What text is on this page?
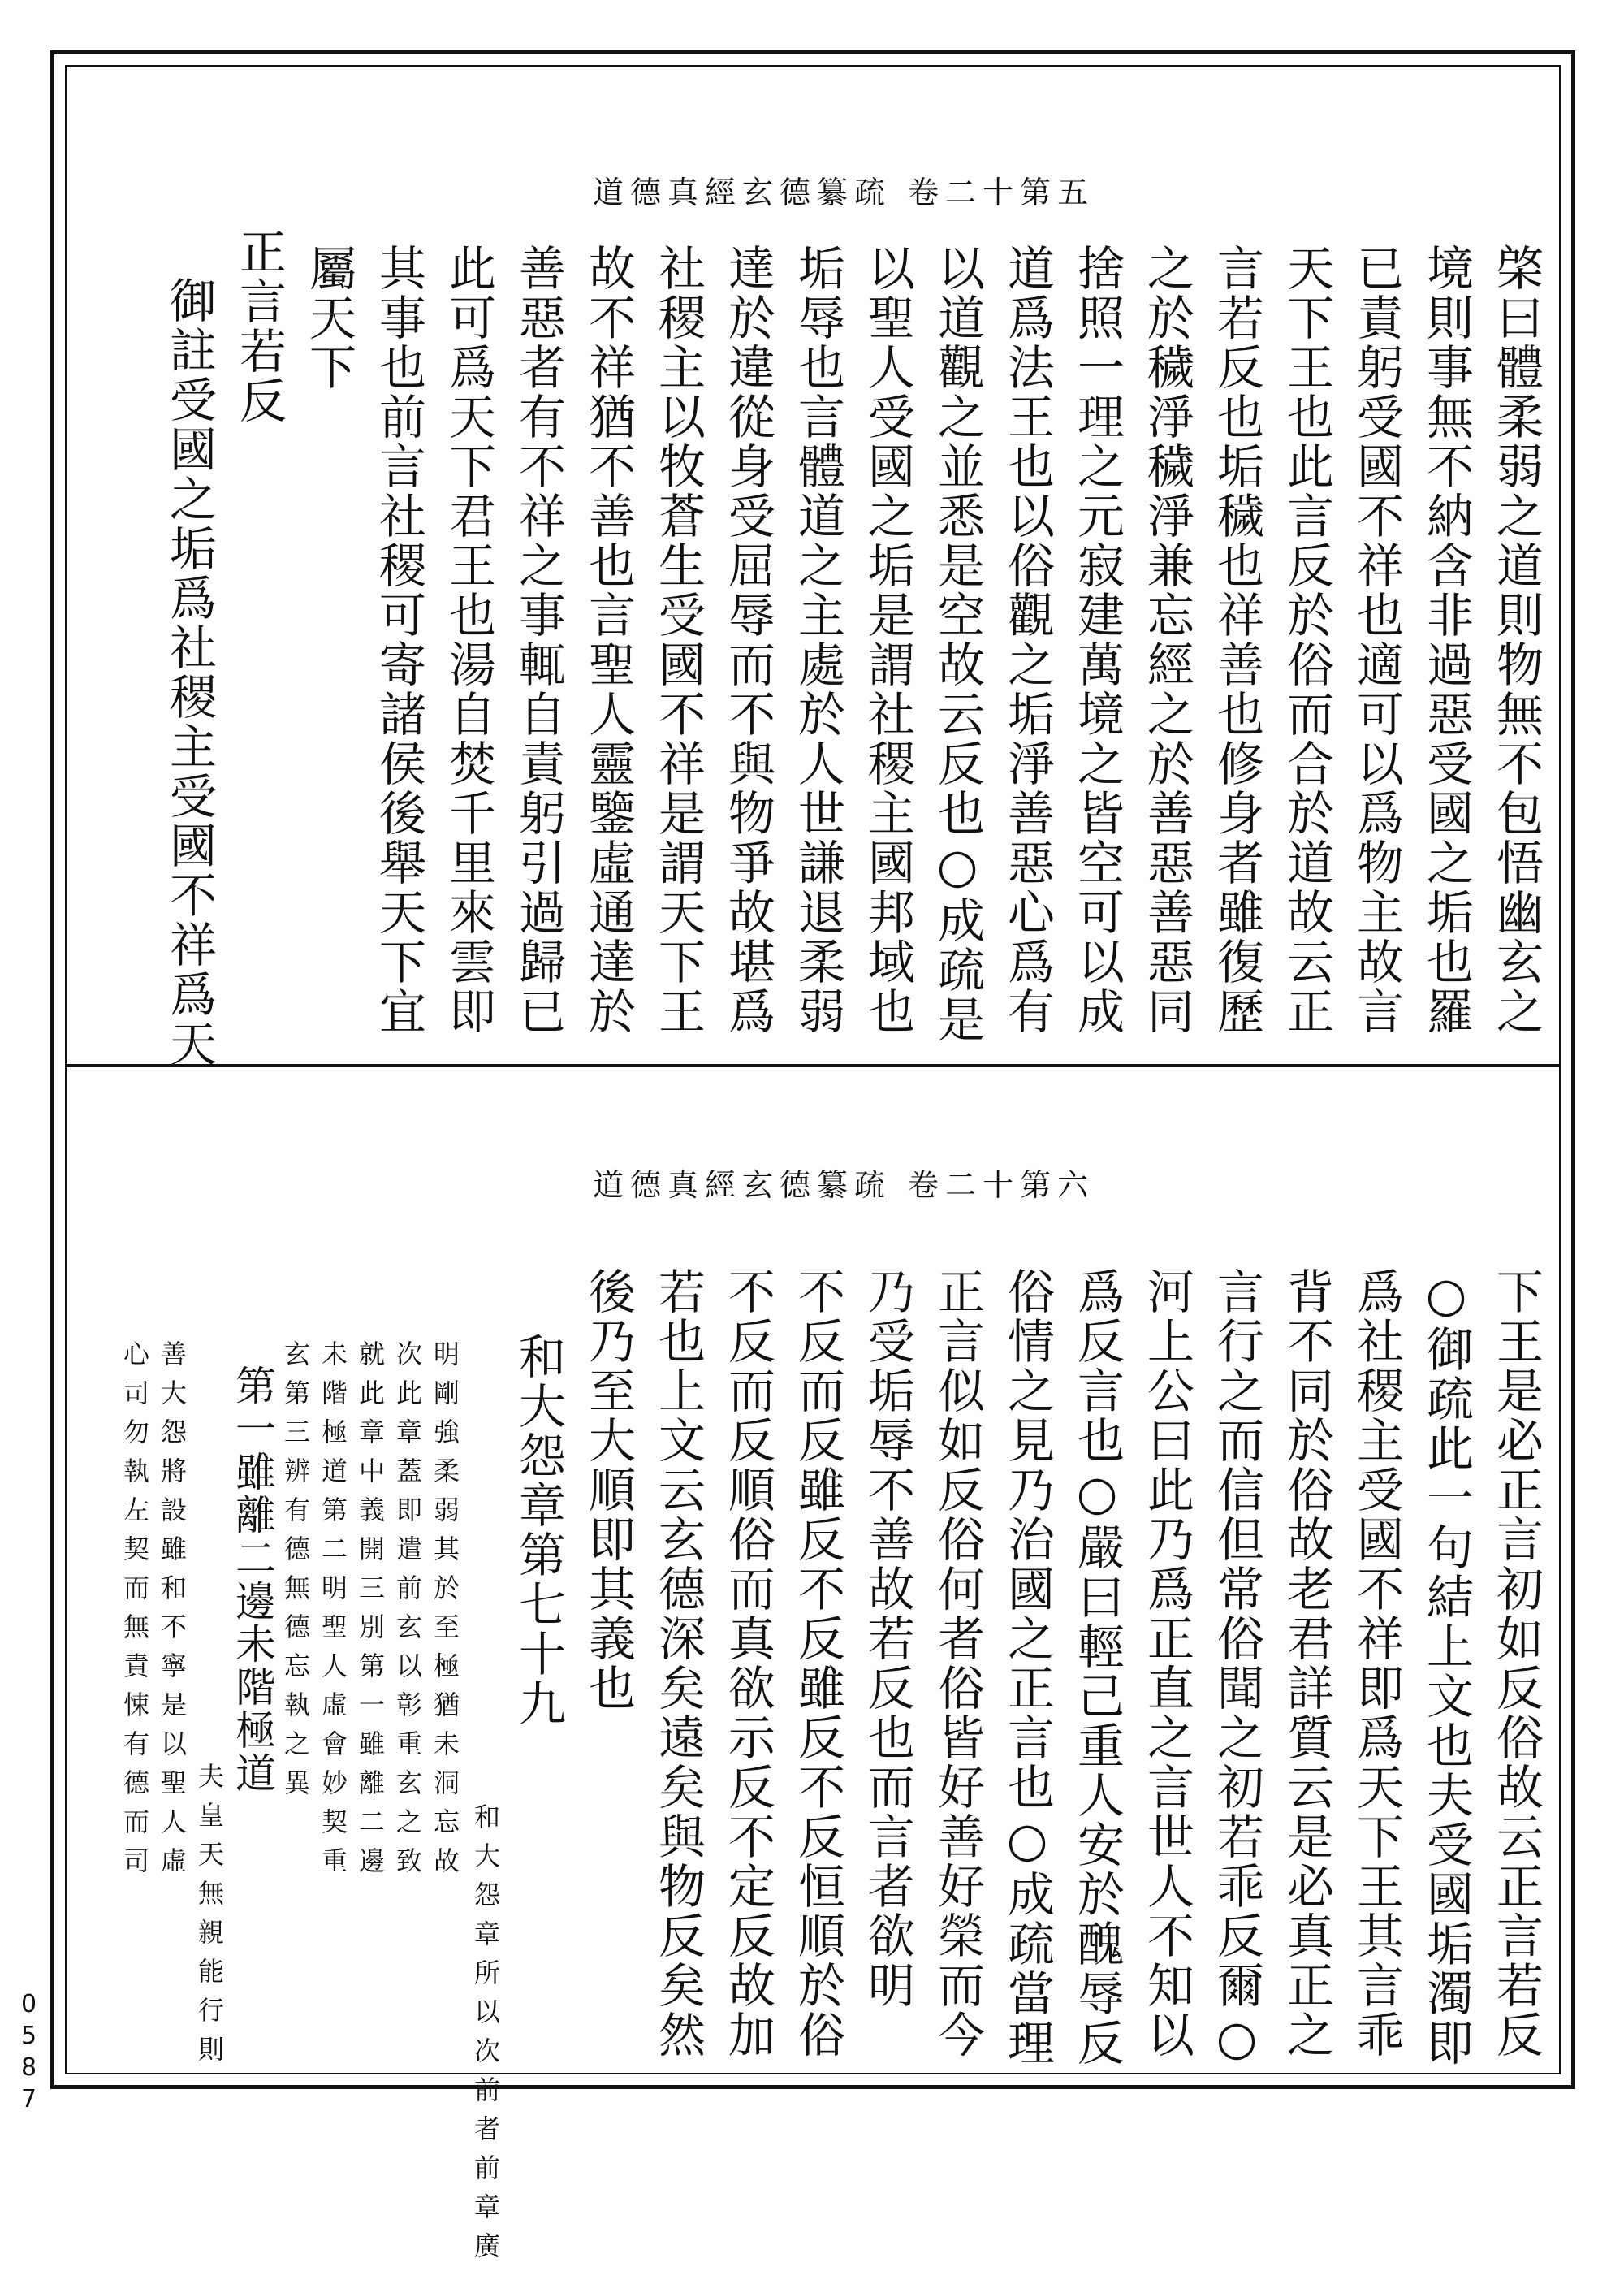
道德真經玄德纂疏 卷二十第五
棨曰體柔弱之道則物無不包悟幽玄之
境則事無不納含非過惡受國之垢也羅
已責躬受國不祥也適可以爲物主故言
天下王也此言反於俗而合於道故云正
言若反也垢穢也祥善也修身者雖復歷
之於穢淨穢淨兼忘經之於善惡善惡同
捨照一理之元寂建萬境之皆空可以成
道爲法王也以俗觀之垢淨善惡心爲有
以道觀之並悉是空故云反也○成疏是
以聖人受國之垢是謂社稷主國邦域也
垢辱也言體道之主處於人世謙退柔弱
達於違從身受屈辱而不與物爭故堪爲
社稷主以牧蒼生受國不祥是謂天下王
故不祥猶不善也言聖人靈鑒虛通達於
善惡者有不祥之事輒自責躬引過歸已
此可爲天下君王也湯自焚千里來雲即
其事也前言社稷可寄諸侯後舉天下宜
屬天下
正言若反
御註受國之垢爲社稷主受國不祥爲天
道德真經玄德纂疏 卷二十第六
下王是必正言初如反俗故云正言若反
○御疏此一句結上文也夫受國垢濁即
爲社稷主受國不祥即爲天下王其言乖
背不同於俗故老君詳質云是必真正之
言行之而信但常俗聞之初若乖反爾○
河上公曰此乃爲正直之言世人不知以
爲反言也○嚴曰輕己重人安於醜辱反
俗情之見乃治國之正言也○成疏當理
正言似如反俗何者俗皆好善好榮而今
乃受垢辱不善故若反也而言者欲明
不反而反雖反不反雖反不反恒順於俗
不反而反順俗而真欲示反不定反故加
若也上文云玄德深矣遠矣與物反矣然
後乃至大順即其義也
和大怨章第七十九
和大怨章所以次前者前章廣
明剛強柔弱其於至極猶未洞忘故
次此章蓋即遣前玄以彰重玄之致
就此章中義開三別第一雖離二邊
未階極道第二明聖人虛會妙契重
玄第三辨有德無德忘執之異
第一雖離二邊未階極道
夫皇天無親能行則
善大怨將設雖和不寧是以聖人虛
心司勿執左契而無責悚有德而司
0587
